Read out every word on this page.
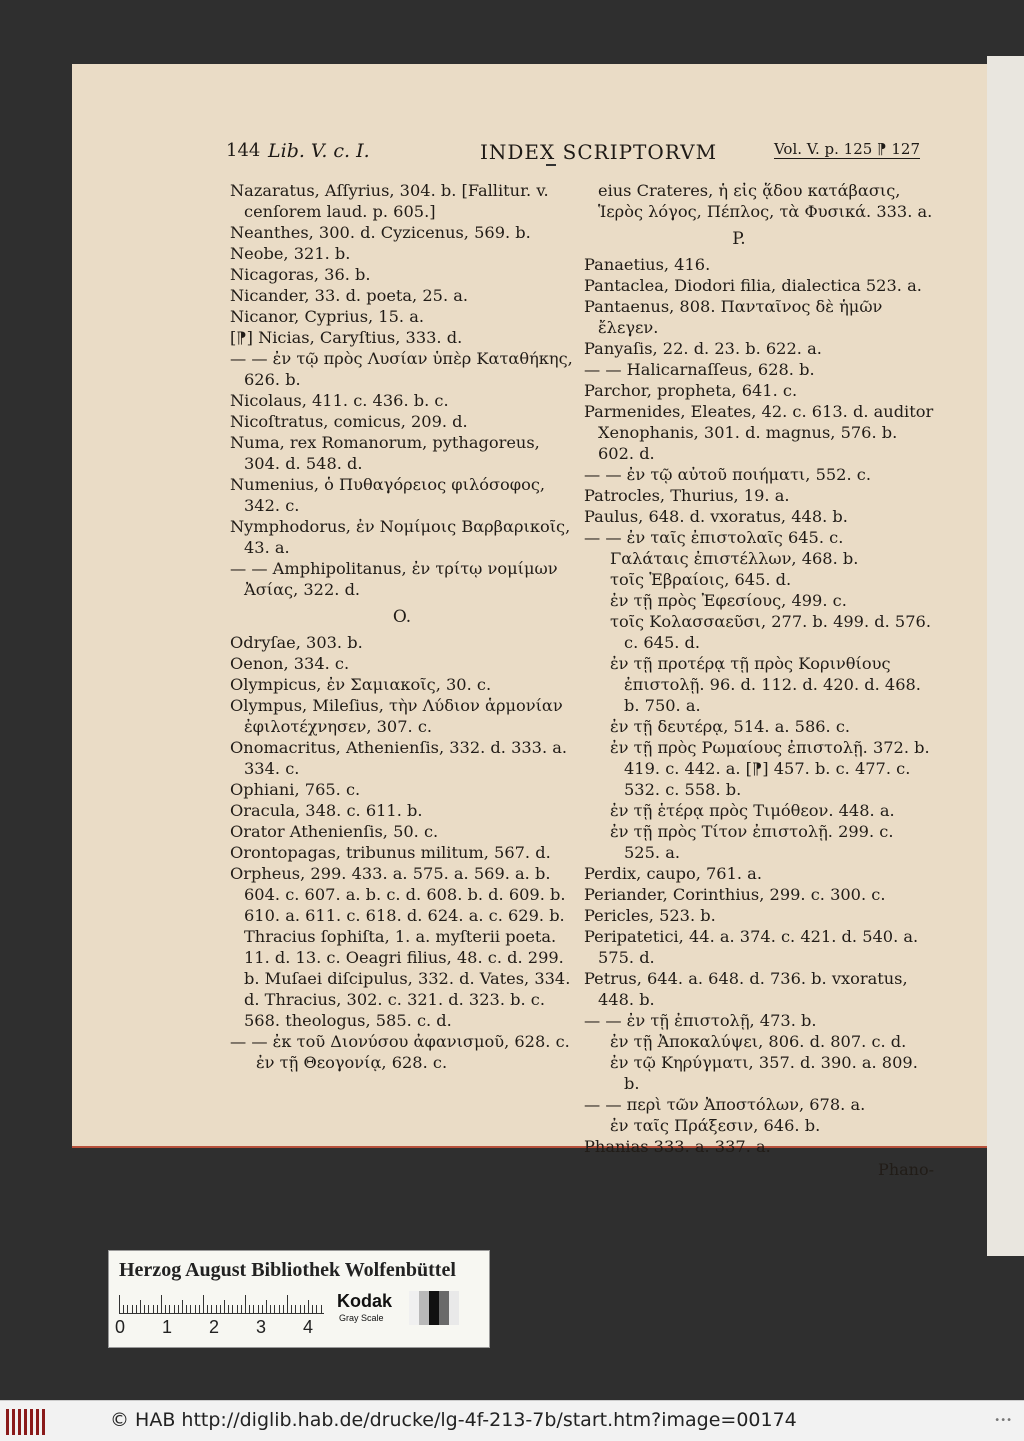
144 Lib. V. c. I.	INDEX SCRIPTORVM	Vol. V. p. 125 ⁋ 127

Nazaratus, Aſſyrius, 304. b. [Fallitur. v. cenſorem laud. p. 605.]

Neanthes, 300. d. Cyzicenus, 569. b.

Neobe, 321. b.

Nicagoras, 36. b.

Nicander, 33. d. poeta, 25. a.

Nicanor, Cyprius, 15. a.

[⁋] Nicias, Caryſtius, 333. d.

— — ἐν τῷ πρὸς Λυσίαν ὑπὲρ Καταθήκης, 626. b.

Nicolaus, 411. c. 436. b. c.

Nicoſtratus, comicus, 209. d.

Numa, rex Romanorum, pythagoreus, 304. d. 548. d.

Numenius, ὁ Πυθαγόρειος φιλόσοφος, 342. c.

Nymphodorus, ἐν Νομίμοις Βαρβαρικοῖς, 43. a.

— — Amphipolitanus, ἐν τρίτῳ νομίμων Ἀσίας, 322. d.

O.

Odryſae, 303. b.

Oenon, 334. c.

Olympicus, ἐν Σαμιακοῖς, 30. c.

Olympus, Mileſius, τὴν Λύδιον ἁρμονίαν ἐφιλοτέχνησεν, 307. c.

Onomacritus, Athenienſis, 332. d. 333. a. 334. c.

Ophiani, 765. c.

Oracula, 348. c. 611. b.

Orator Athenienſis, 50. c.

Orontopagas, tribunus militum, 567. d.

Orpheus, 299. 433. a. 575. a. 569. a. b. 604. c. 607. a. b. c. d. 608. b. d. 609. b. 610. a. 611. c. 618. d. 624. a. c. 629. b. Thracius ſophiſta, 1. a. myſterii poeta. 11. d. 13. c. Oeagri filius, 48. c. d. 299. b. Muſaei diſcipulus, 332. d. Vates, 334. d. Thracius, 302. c. 321. d. 323. b. c. 568. theologus, 585. c. d.

— — ἐκ τοῦ Διονύσου ἀφανισμοῦ, 628. c.

ἐν τῇ Θεογονίᾳ, 628. c.

eius Crateres, ἡ εἰς ᾅδου κατάβασις, Ἱερὸς λόγος, Πέπλος, τὰ Φυσικά. 333. a.

P.

Panaetius, 416.

Pantaclea, Diodori filia, dialectica 523. a.

Pantaenus, 808. Πανταῖνος δὲ ἡμῶν ἔλεγεν.

Panyaſis, 22. d. 23. b. 622. a.

— — Halicarnaſſeus, 628. b.

Parchor, propheta, 641. c.

Parmenides, Eleates, 42. c. 613. d. auditor Xenophanis, 301. d. magnus, 576. b. 602. d.

— — ἐν τῷ αὐτοῦ ποιήματι, 552. c.

Patrocles, Thurius, 19. a.

Paulus, 648. d. vxoratus, 448. b.

— — ἐν ταῖς ἐπιστολαῖς 645. c.

Γαλάταις ἐπιστέλλων, 468. b.

τοῖς Ἑβραίοις, 645. d.

ἐν τῇ πρὸς Ἐφεσίους, 499. c.

τοῖς Κολασσαεῦσι, 277. b. 499. d. 576. c. 645. d.

ἐν τῇ προτέρᾳ τῇ πρὸς Κορινθίους ἐπιστολῇ. 96. d. 112. d. 420. d. 468. b. 750. a.

ἐν τῇ δευτέρᾳ, 514. a. 586. c.

ἐν τῇ πρὸς Ρωμαίους ἐπιστολῇ. 372. b. 419. c. 442. a. [⁋] 457. b. c. 477. c. 532. c. 558. b.

ἐν τῇ ἑτέρᾳ πρὸς Τιμόθεον. 448. a.

ἐν τῇ πρὸς Τίτον ἐπιστολῇ. 299. c. 525. a.

Perdix, caupo, 761. a.

Periander, Corinthius, 299. c. 300. c.

Pericles, 523. b.

Peripatetici, 44. a. 374. c. 421. d. 540. a. 575. d.

Petrus, 644. a. 648. d. 736. b. vxoratus, 448. b.

— — ἐν τῇ ἐπιστολῇ, 473. b.

ἐν τῇ Ἀποκαλύψει, 806. d. 807. c. d.

ἐν τῷ Κηρύγματι, 357. d. 390. a. 809. b.

— — περὶ τῶν Ἀποστόλων, 678. a.

ἐν ταῖς Πράξεσιν, 646. b.

Phanias 333. a. 337. a.

Phano-

Herzog August Bibliothek Wolfenbüttel
0 1 2 3 4
Kodak
Gray Scale
© HAB http://diglib.hab.de/drucke/lg-4f-213-7b/start.htm?image=00174	•••
